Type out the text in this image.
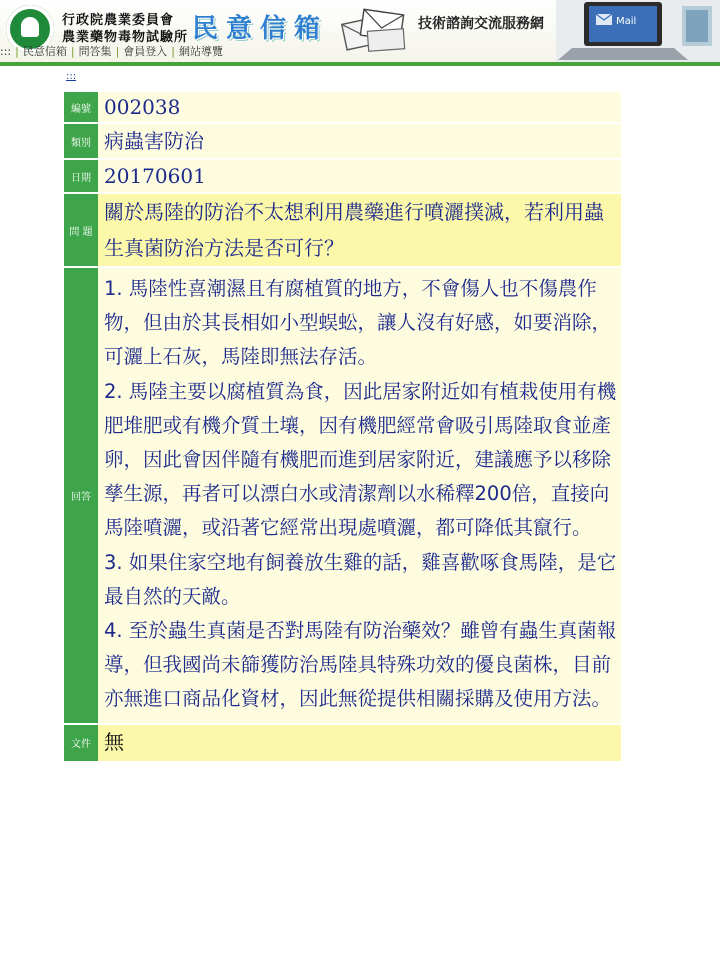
行政院農業委員會
農業藥物毒物試驗所 民意信箱	技術諮詢交流服務網	Mail
::: | 民意信箱 | 問答集 | 會員登入 | 網站導覽
:::
編號	002038

類別	病蟲害防治

日期	20170601

問 題	關於馬陸的防治不太想利用農藥進行噴灑撲滅，若利用蟲生真菌防治方法是否可行？

回答	1. 馬陸性喜潮濕且有腐植質的地方，不會傷人也不傷農作物，但由於其長相如小型蜈蚣，讓人沒有好感，如要消除，可灑上石灰，馬陸即無法存活。

2. 馬陸主要以腐植質為食，因此居家附近如有植栽使用有機肥堆肥或有機介質土壤，因有機肥經常會吸引馬陸取食並產卵，因此會因伴隨有機肥而進到居家附近，建議應予以移除孳生源，再者可以漂白水或清潔劑以水稀釋200倍，直接向馬陸噴灑，或沿著它經常出現處噴灑，都可降低其竄行。

3. 如果住家空地有飼養放生雞的話，雞喜歡啄食馬陸，是它最自然的天敵。

4. 至於蟲生真菌是否對馬陸有防治藥效？雖曾有蟲生真菌報導，但我國尚未篩獲防治馬陸具特殊功效的優良菌株，目前亦無進口商品化資材，因此無從提供相關採購及使用方法。

文件	無
